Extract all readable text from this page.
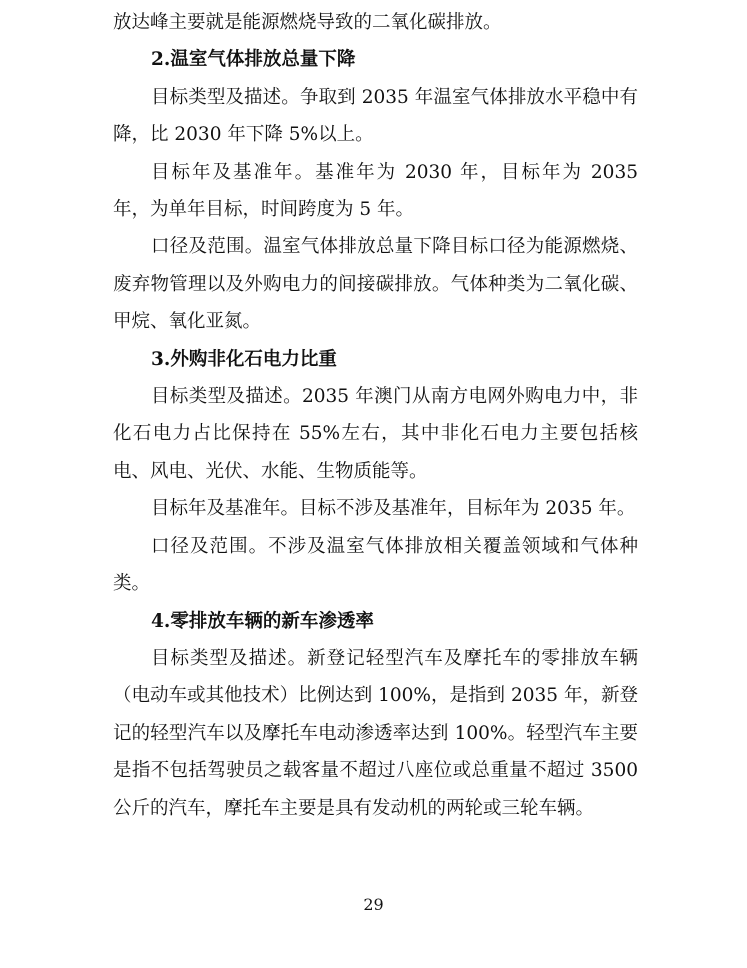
放达峰主要就是能源燃烧导致的二氧化碳排放。

2.温室气体排放总量下降

目标类型及描述。争取到 2035 年温室气体排放水平稳中有降，比 2030 年下降 5%以上。

目标年及基准年。基准年为 2030 年，目标年为 2035 年，为单年目标，时间跨度为 5 年。

口径及范围。温室气体排放总量下降目标口径为能源燃烧、废弃物管理以及外购电力的间接碳排放。气体种类为二氧化碳、甲烷、氧化亚氮。

3.外购非化石电力比重

目标类型及描述。2035 年澳门从南方电网外购电力中，非化石电力占比保持在 55%左右，其中非化石电力主要包括核电、风电、光伏、水能、生物质能等。

目标年及基准年。目标不涉及基准年，目标年为 2035 年。

口径及范围。不涉及温室气体排放相关覆盖领域和气体种类。

4.零排放车辆的新车渗透率

目标类型及描述。新登记轻型汽车及摩托车的零排放车辆（电动车或其他技术）比例达到 100%，是指到 2035 年，新登记的轻型汽车以及摩托车电动渗透率达到 100%。轻型汽车主要是指不包括驾驶员之载客量不超过八座位或总重量不超过 3500 公斤的汽车，摩托车主要是具有发动机的两轮或三轮车辆。

29
